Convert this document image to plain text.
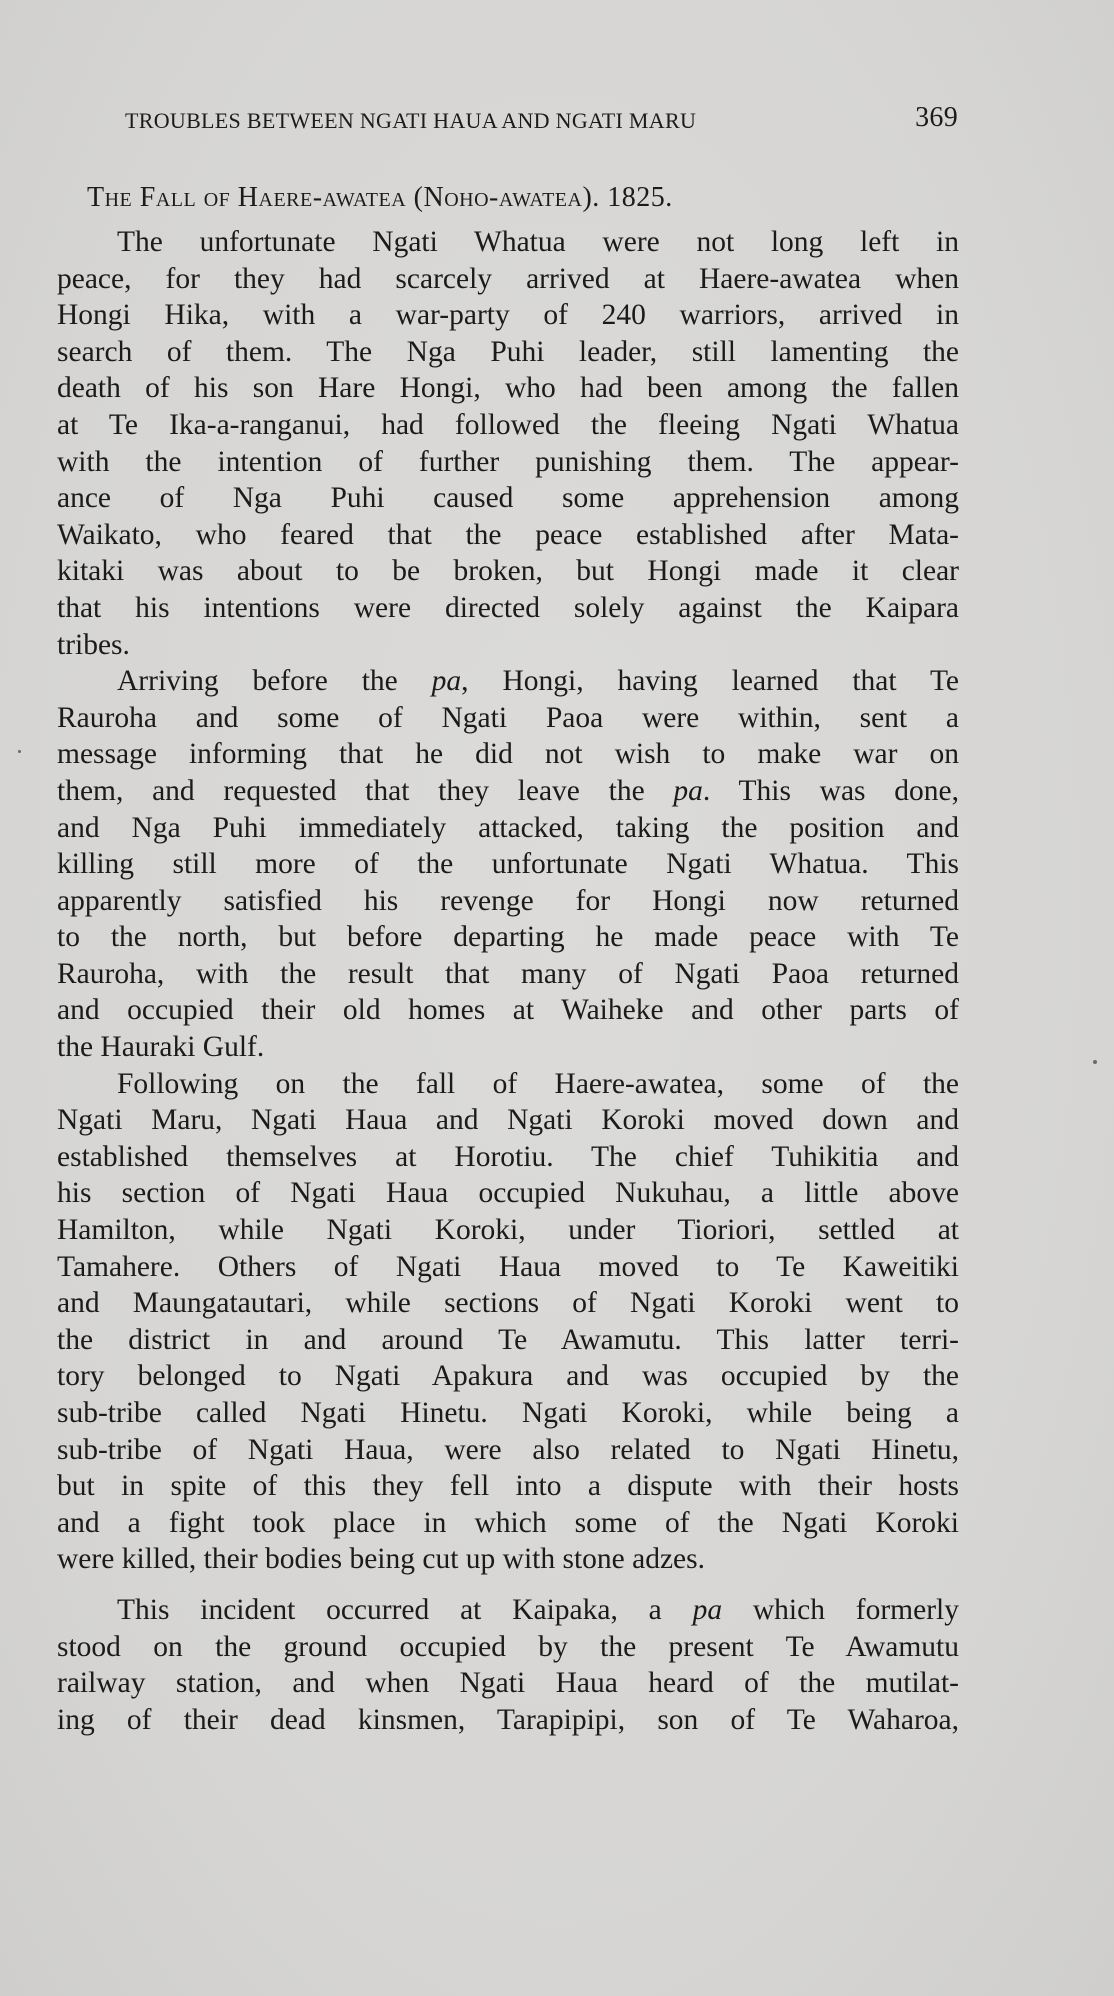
TROUBLES BETWEEN NGATI HAUA AND NGATI MARU	369
The Fall of Haere-awatea (Noho-awatea). 1825.
The unfortunate Ngati Whatua were not long left in
peace, for they had scarcely arrived at Haere-awatea when
Hongi Hika, with a war-party of 240 warriors, arrived in
search of them. The Nga Puhi leader, still lamenting the
death of his son Hare Hongi, who had been among the fallen
at Te Ika-a-ranganui, had followed the fleeing Ngati Whatua
with the intention of further punishing them. The appear-
ance of Nga Puhi caused some apprehension among
Waikato, who feared that the peace established after Mata-
kitaki was about to be broken, but Hongi made it clear
that his intentions were directed solely against the Kaipara
tribes.
Arriving before the pa, Hongi, having learned that Te
Rauroha and some of Ngati Paoa were within, sent a
message informing that he did not wish to make war on
them, and requested that they leave the pa. This was done,
and Nga Puhi immediately attacked, taking the position and
killing still more of the unfortunate Ngati Whatua. This
apparently satisfied his revenge for Hongi now returned
to the north, but before departing he made peace with Te
Rauroha, with the result that many of Ngati Paoa returned
and occupied their old homes at Waiheke and other parts of
the Hauraki Gulf.
Following on the fall of Haere-awatea, some of the
Ngati Maru, Ngati Haua and Ngati Koroki moved down and
established themselves at Horotiu. The chief Tuhikitia and
his section of Ngati Haua occupied Nukuhau, a little above
Hamilton, while Ngati Koroki, under Tioriori, settled at
Tamahere. Others of Ngati Haua moved to Te Kaweitiki
and Maungatautari, while sections of Ngati Koroki went to
the district in and around Te Awamutu. This latter terri-
tory belonged to Ngati Apakura and was occupied by the
sub-tribe called Ngati Hinetu. Ngati Koroki, while being a
sub-tribe of Ngati Haua, were also related to Ngati Hinetu,
but in spite of this they fell into a dispute with their hosts
and a fight took place in which some of the Ngati Koroki
were killed, their bodies being cut up with stone adzes.
This incident occurred at Kaipaka, a pa which formerly
stood on the ground occupied by the present Te Awamutu
railway station, and when Ngati Haua heard of the mutilat-
ing of their dead kinsmen, Tarapipipi, son of Te Waharoa,
